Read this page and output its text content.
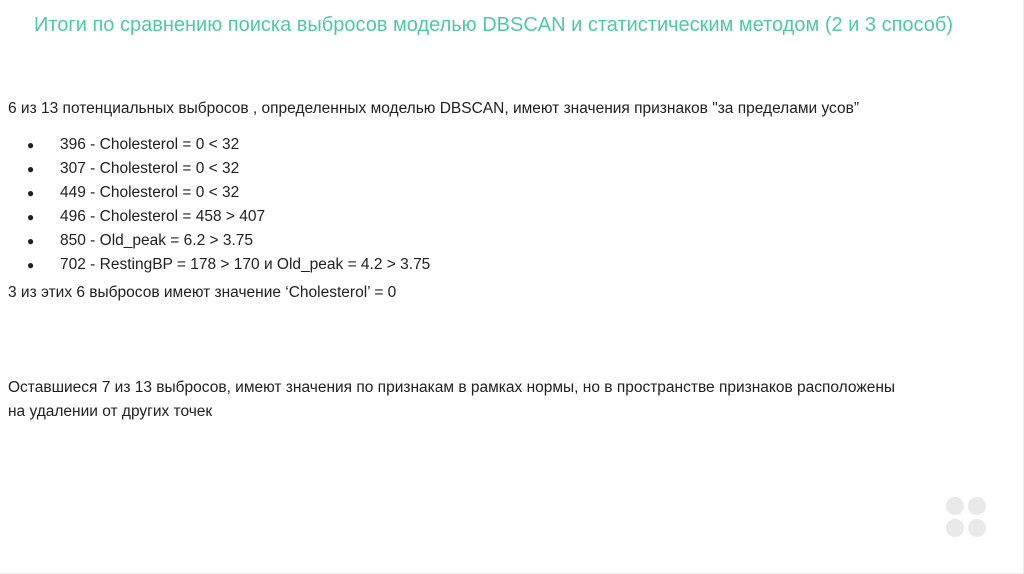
Итоги по сравнению поиска выбросов моделью DBSCAN и статистическим методом (2 и 3 способ)

6 из 13 потенциальных выбросов , определенных моделью DBSCAN, имеют значения признаков "за пределами усов”

● 396 - Cholesterol = 0 < 32
● 307 - Cholesterol = 0 < 32
● 449 - Cholesterol = 0 < 32
● 496 - Cholesterol = 458 > 407
● 850 - Old_peak = 6.2 > 3.75
● 702 - RestingBP = 178 > 170 и Old_peak = 4.2 > 3.75

3 из этих 6 выбросов имеют значение ‘Cholesterol’ = 0

Оставшиеся 7 из 13 выбросов, имеют значения по признакам в рамках нормы, но в пространстве признаков расположены на удалении от других точек
